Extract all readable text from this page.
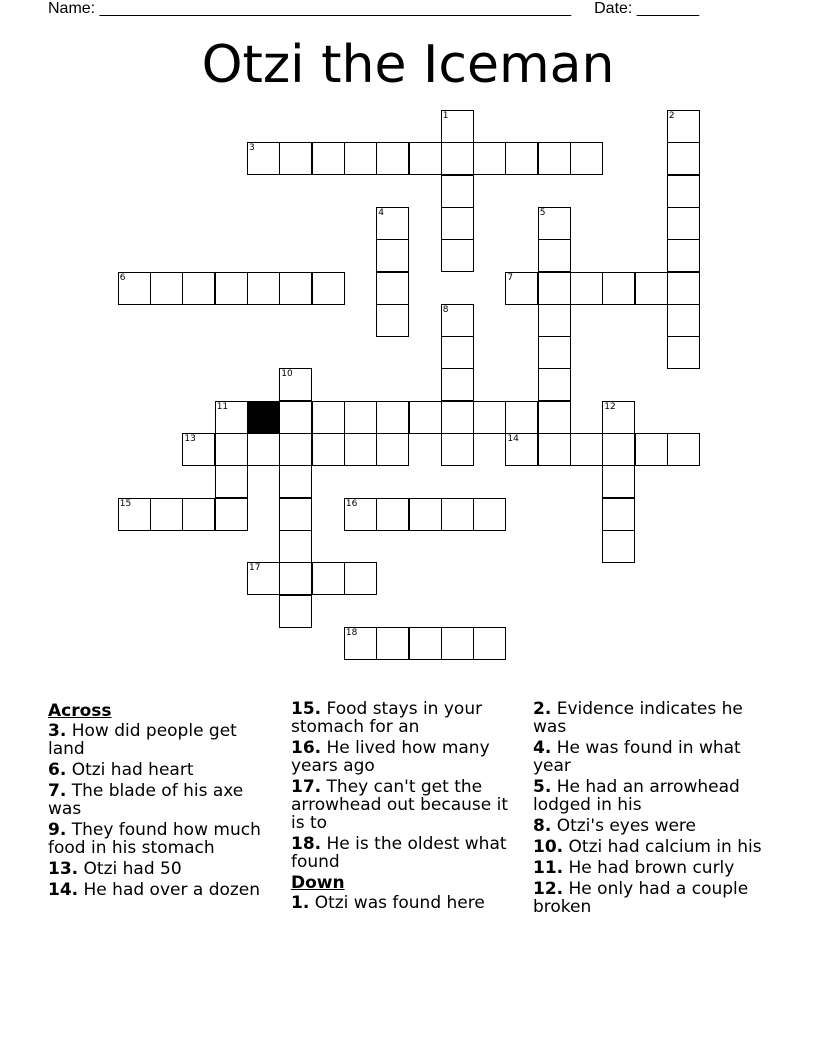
Name: _____________________________________________________ Date: _______
Otzi the Iceman
3
6	7
13	14
15	16
17
18
1	2
4	5
8
10
11	12
Across
3. How did people get land
6. Otzi had heart
7. The blade of his axe was
9. They found how much food in his stomach
13. Otzi had 50
14. He had over a dozen
15. Food stays in your stomach for an
16. He lived how many years ago
17. They can't get the arrowhead out because it is to
18. He is the oldest what found
Down
1. Otzi was found here
2. Evidence indicates he was
4. He was found in what year
5. He had an arrowhead lodged in his
8. Otzi's eyes were
10. Otzi had calcium in his
11. He had brown curly
12. He only had a couple broken
